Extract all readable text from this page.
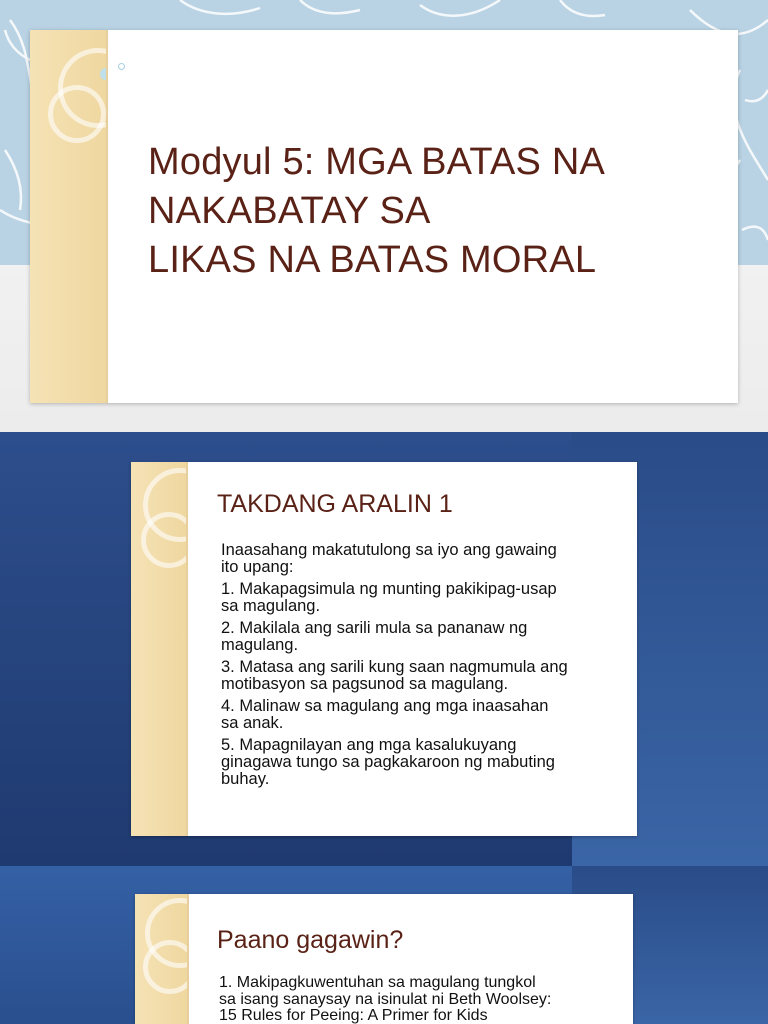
Modyul 5: MGA BATAS NA
NAKABATAY SA
LIKAS NA BATAS MORAL
TAKDANG ARALIN 1

Inaasahang makatutulong sa iyo ang gawaing
ito upang:

1. Makapagsimula ng munting pakikipag-usap
sa magulang.

2. Makilala ang sarili mula sa pananaw ng
magulang.

3. Matasa ang sarili kung saan nagmumula ang
motibasyon sa pagsunod sa magulang.

4. Malinaw sa magulang ang mga inaasahan
sa anak.

5. Mapagnilayan ang mga kasalukuyang
ginagawa tungo sa pagkakaroon ng mabuting
buhay.

Paano gagawin?
1. Makipagkuwentuhan sa magulang tungkol
sa isang sanaysay na isinulat ni Beth Woolsey:
15 Rules for Peeing: A Primer for Kids
